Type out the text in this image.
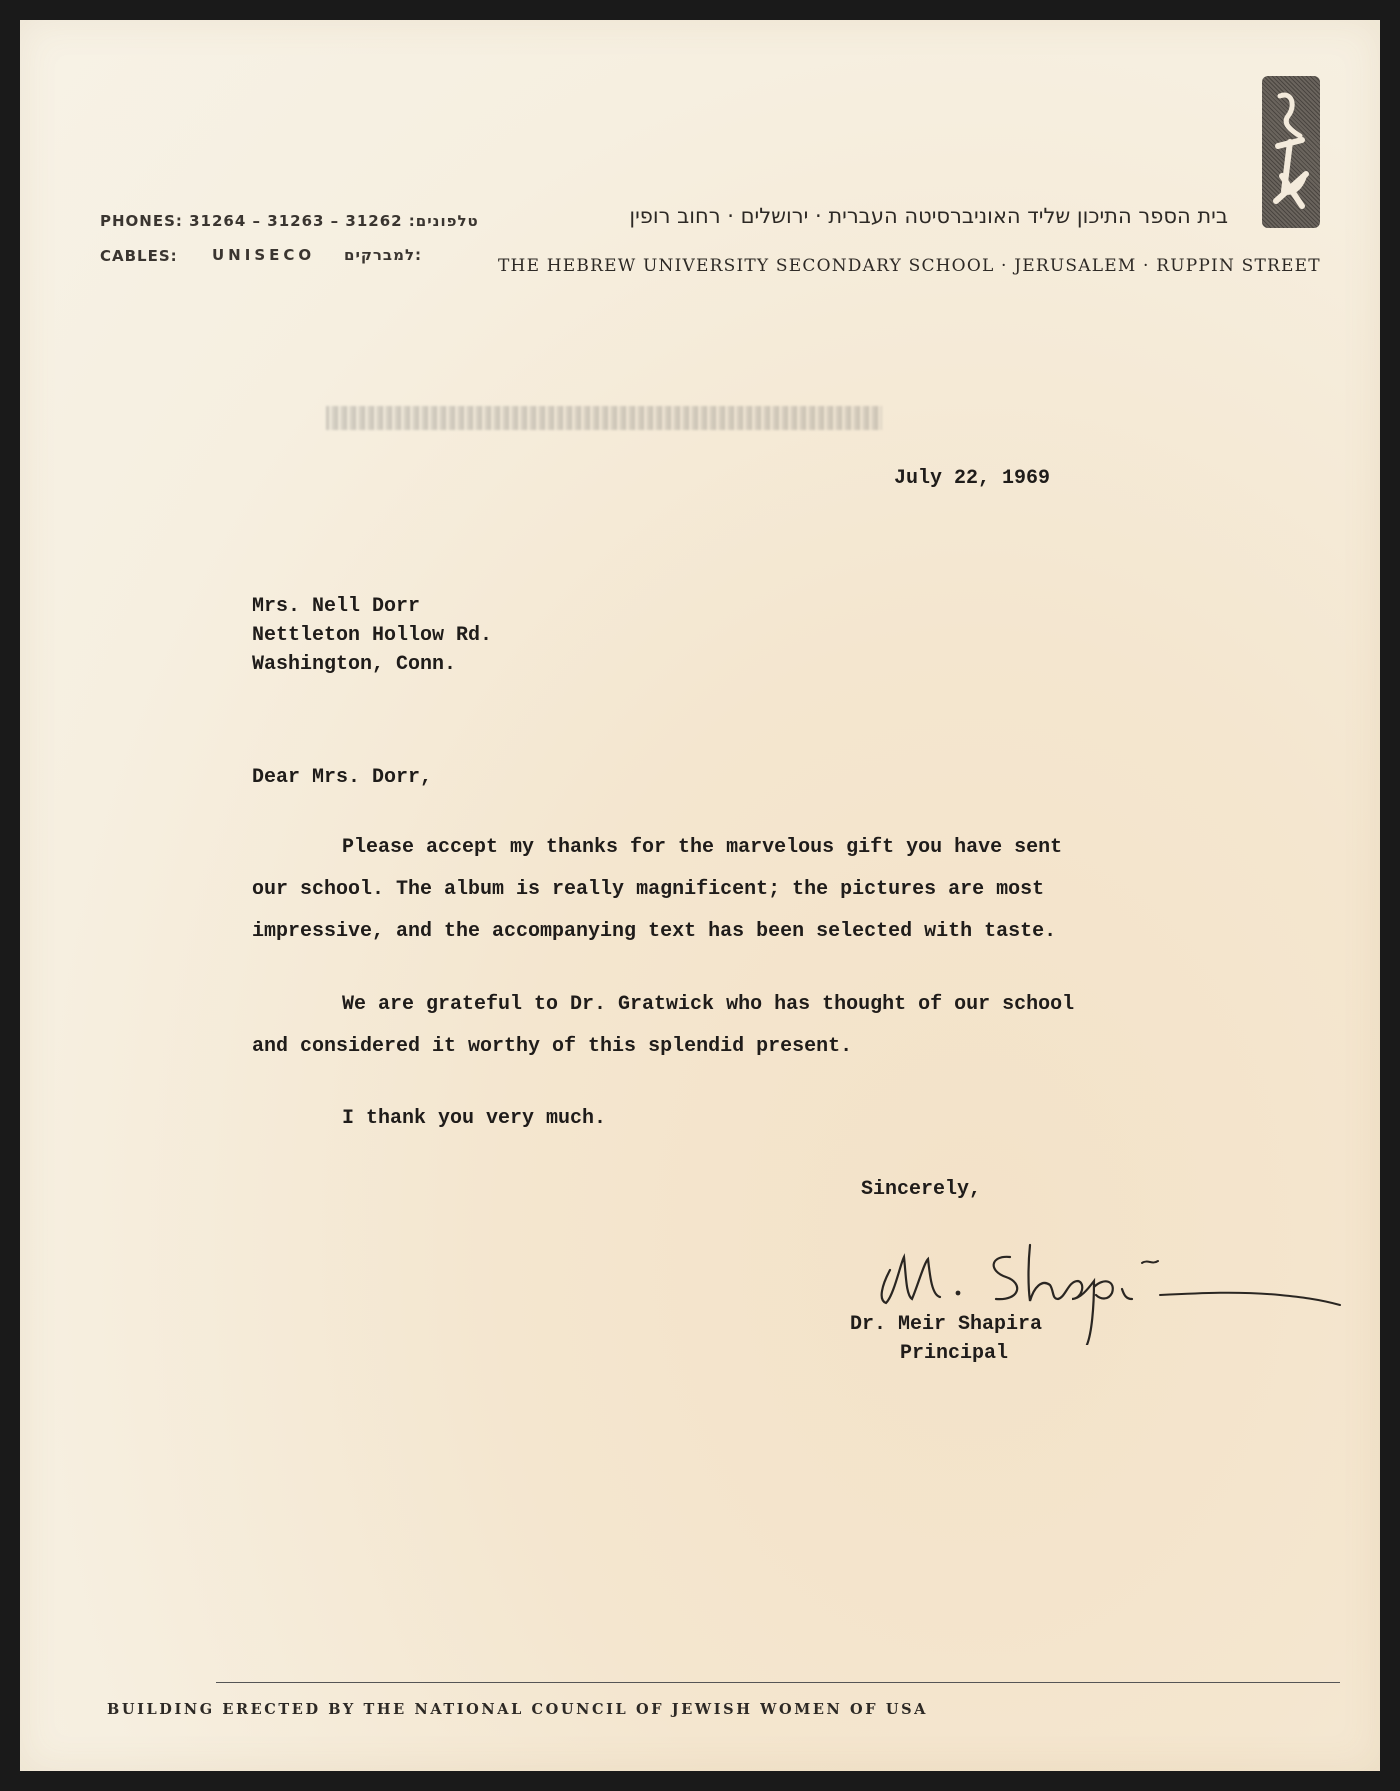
PHONES: 31264 – 31263 – 31262 :טלפונים
CABLES: UNISECO :למברקים
בית הספר התיכון שליד האוניברסיטה העברית · ירושלים · רחוב רופין
THE HEBREW UNIVERSITY SECONDARY SCHOOL · JERUSALEM · RUPPIN STREET
July 22, 1969
Mrs. Nell Dorr
Nettleton Hollow Rd.
Washington, Conn.
Dear Mrs. Dorr,
Please accept my thanks for the marvelous gift you have sent
our school. The album is really magnificent; the pictures are most
impressive, and the accompanying text has been selected with taste.
We are grateful to Dr. Gratwick who has thought of our school
and considered it worthy of this splendid present.
I thank you very much.
Sincerely,
Dr. Meir Shapira
Principal
BUILDING ERECTED BY THE NATIONAL COUNCIL OF JEWISH WOMEN OF USA
